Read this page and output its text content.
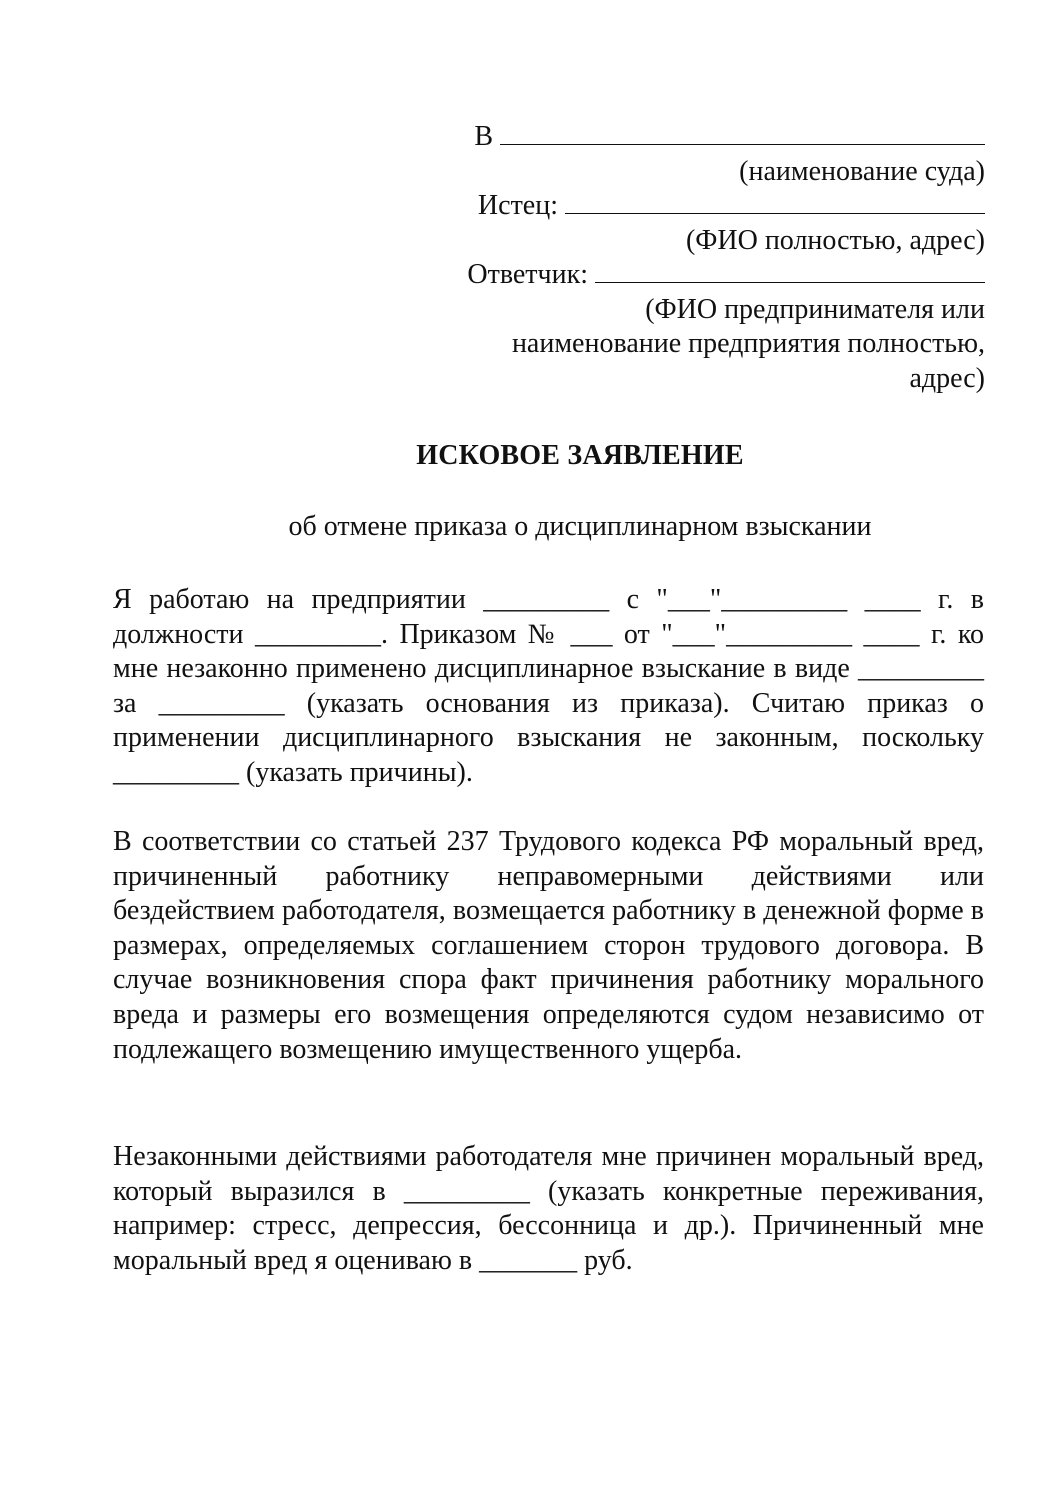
В
(наименование суда)
Истец:
(ФИО полностью, адрес)
Ответчик:
(ФИО предпринимателя или
наименование предприятия полностью,
адрес)
ИСКОВОЕ ЗАЯВЛЕНИЕ
об отмене приказа о дисциплинарном взыскании
Я работаю на предприятии _________ с "___"_________ ____ г. в должности _________. Приказом № ___ от "___"_________ ____ г. ко мне незаконно применено дисциплинарное взыскание в виде _________ за _________ (указать основания из приказа). Считаю приказ о применении дисциплинарного взыскания не законным, поскольку _________ (указать причины).
В соответствии со статьей 237 Трудового кодекса РФ моральный вред, причиненный работнику неправомерными действиями или бездействием работодателя, возмещается работнику в денежной форме в размерах, определяемых соглашением сторон трудового договора. В случае возникновения спора факт причинения работнику морального вреда и размеры его возмещения определяются судом независимо от подлежащего возмещению имущественного ущерба.
Незаконными действиями работодателя мне причинен моральный вред, который выразился в _________ (указать конкретные переживания, например: стресс, депрессия, бессонница и др.). Причиненный мне моральный вред я оцениваю в _______ руб.
